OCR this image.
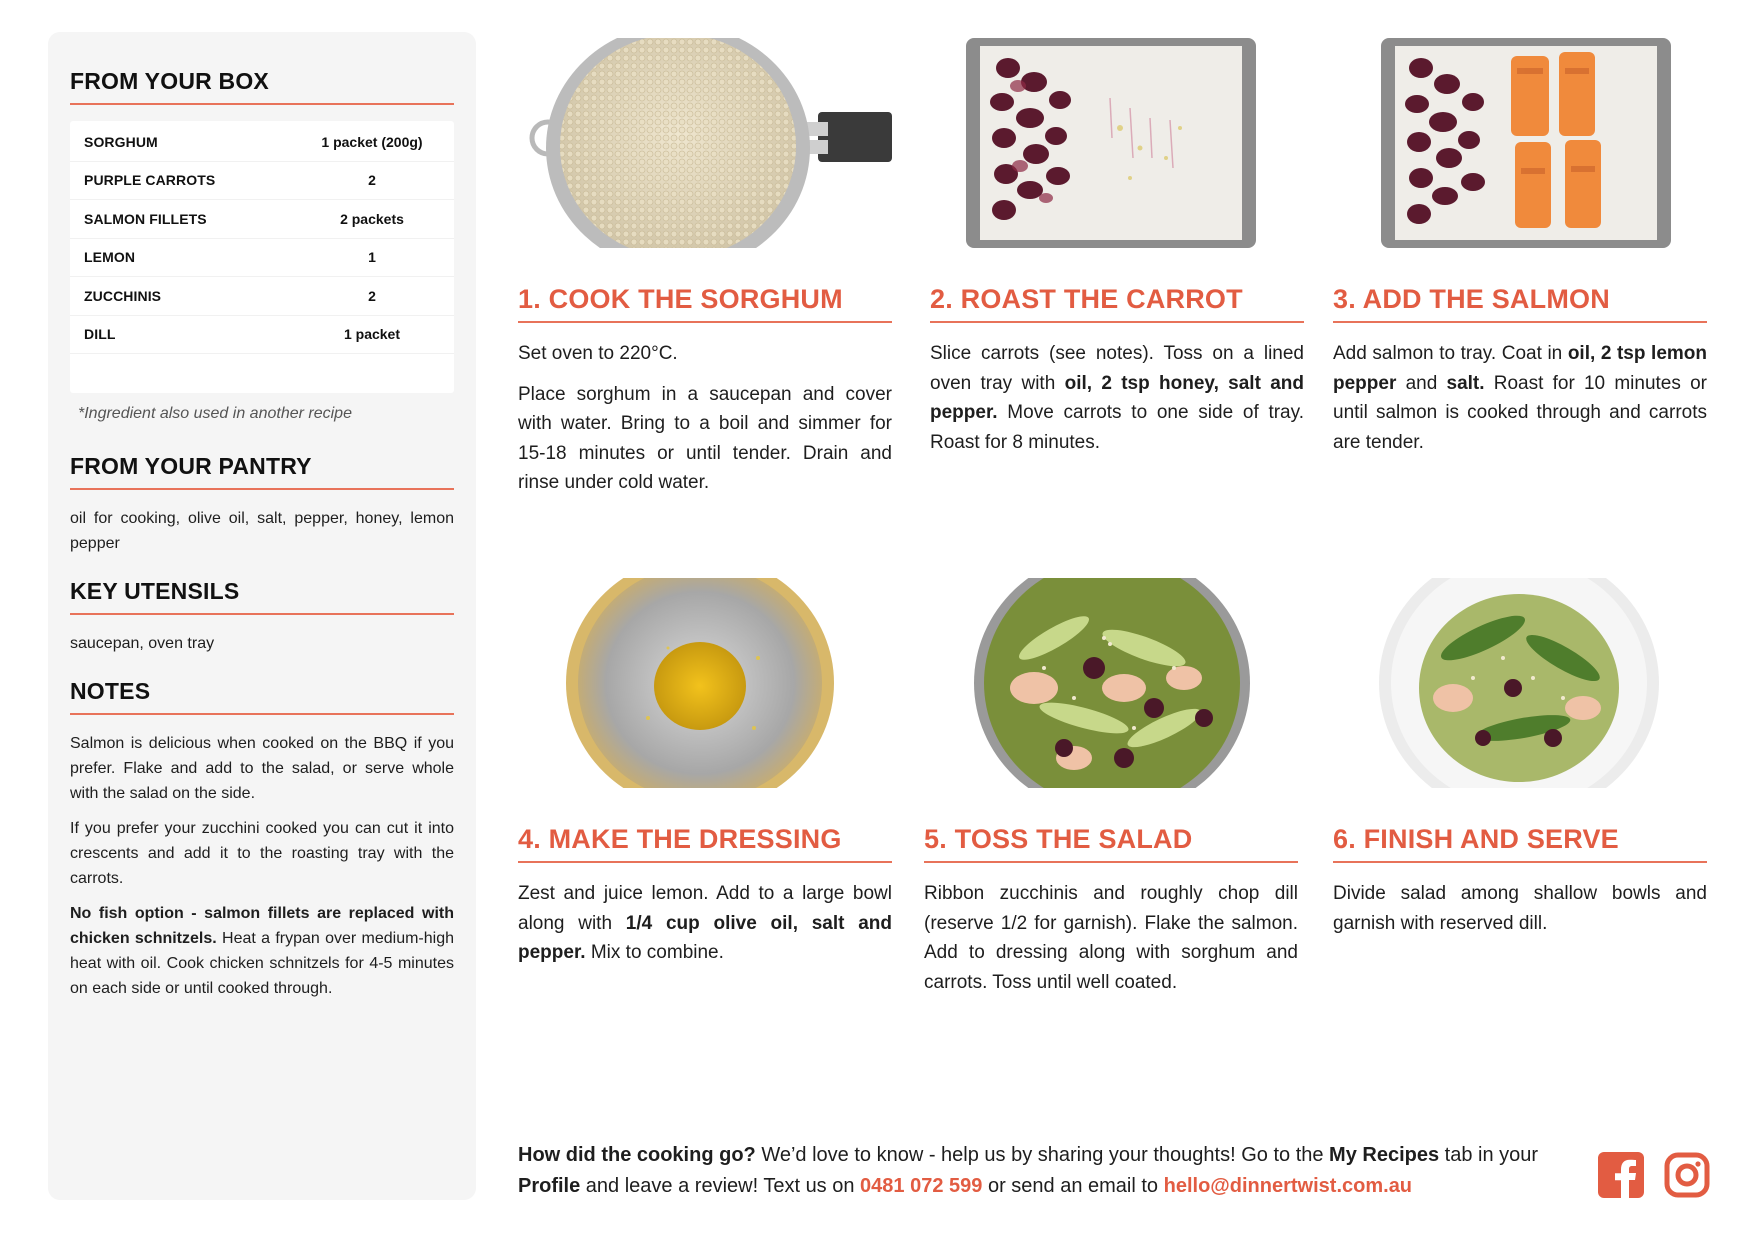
FROM YOUR BOX
SORGHUM	1 packet (200g)
PURPLE CARROTS	2
SALMON FILLETS	2 packets
LEMON	1
ZUCCHINIS	2
DILL	1 packet
*Ingredient also used in another recipe
FROM YOUR PANTRY
oil for cooking, olive oil, salt, pepper, honey, lemon pepper
KEY UTENSILS
saucepan, oven tray
NOTES

Salmon is delicious when cooked on the BBQ if you prefer. Flake and add to the salad, or serve whole with the salad on the side.

If you prefer your zucchini cooked you can cut it into crescents and add it to the roasting tray with the carrots.

No fish option - salmon fillets are replaced with chicken schnitzels. Heat a frypan over medium-high heat with oil. Cook chicken schnitzels for 4-5 minutes on each side or until cooked through.

1. COOK THE SORGHUM

Set oven to 220°C.

Place sorghum in a saucepan and cover with water. Bring to a boil and simmer for 15-18 minutes or until tender. Drain and rinse under cold water.

2. ROAST THE CARROT

Slice carrots (see notes). Toss on a lined oven tray with oil, 2 tsp honey, salt and pepper. Move carrots to one side of tray. Roast for 8 minutes.

3. ADD THE SALMON

Add salmon to tray. Coat in oil, 2 tsp lemon pepper and salt. Roast for 10 minutes or until salmon is cooked through and carrots are tender.

4. MAKE THE DRESSING

Zest and juice lemon. Add to a large bowl along with 1/4 cup olive oil, salt and pepper. Mix to combine.

5. TOSS THE SALAD

Ribbon zucchinis and roughly chop dill (reserve 1/2 for garnish). Flake the salmon. Add to dressing along with sorghum and carrots. Toss until well coated.

6. FINISH AND SERVE

Divide salad among shallow bowls and garnish with reserved dill.

How did the cooking go? We’d love to know - help us by sharing your thoughts! Go to the My Recipes tab in your Profile and leave a review! Text us on 0481 072 599 or send an email to hello@dinnertwist.com.au
